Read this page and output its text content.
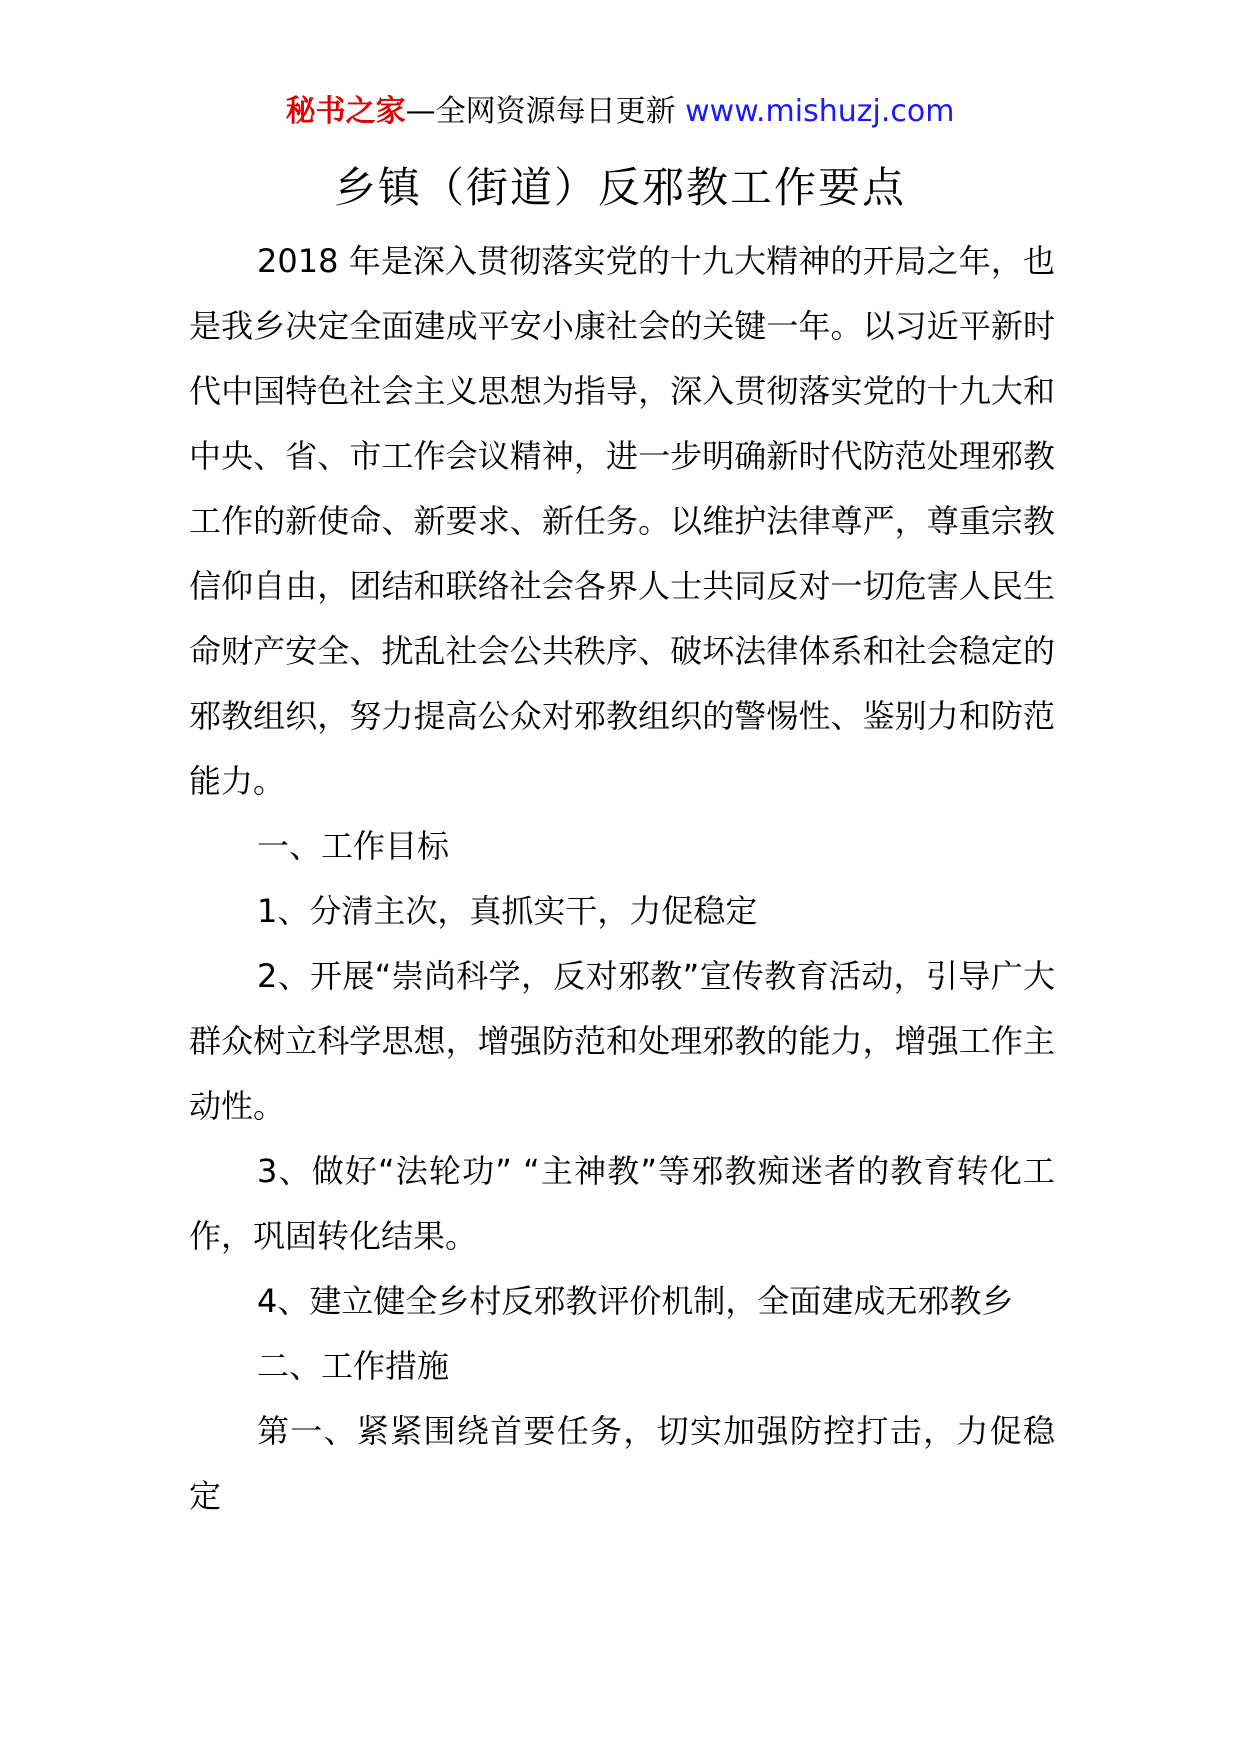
秘书之家—全网资源每日更新 www.mishuzj.com
乡镇（街道）反邪教工作要点

2018 年是深入贯彻落实党的十九大精神的开局之年，也是我乡决定全面建成平安小康社会的关键一年。以习近平新时代中国特色社会主义思想为指导，深入贯彻落实党的十九大和中央、省、市工作会议精神，进一步明确新时代防范处理邪教工作的新使命、新要求、新任务。以维护法律尊严，尊重宗教信仰自由，团结和联络社会各界人士共同反对一切危害人民生命财产安全、扰乱社会公共秩序、破坏法律体系和社会稳定的邪教组织，努力提高公众对邪教组织的警惕性、鉴别力和防范能力。

一、工作目标

1、分清主次，真抓实干，力促稳定

2、开展“崇尚科学，反对邪教”宣传教育活动，引导广大群众树立科学思想，增强防范和处理邪教的能力，增强工作主动性。

3、做好“法轮功” “主神教”等邪教痴迷者的教育转化工作，巩固转化结果。

4、建立健全乡村反邪教评价机制，全面建成无邪教乡

二、工作措施

第一、紧紧围绕首要任务，切实加强防控打击，力促稳定
